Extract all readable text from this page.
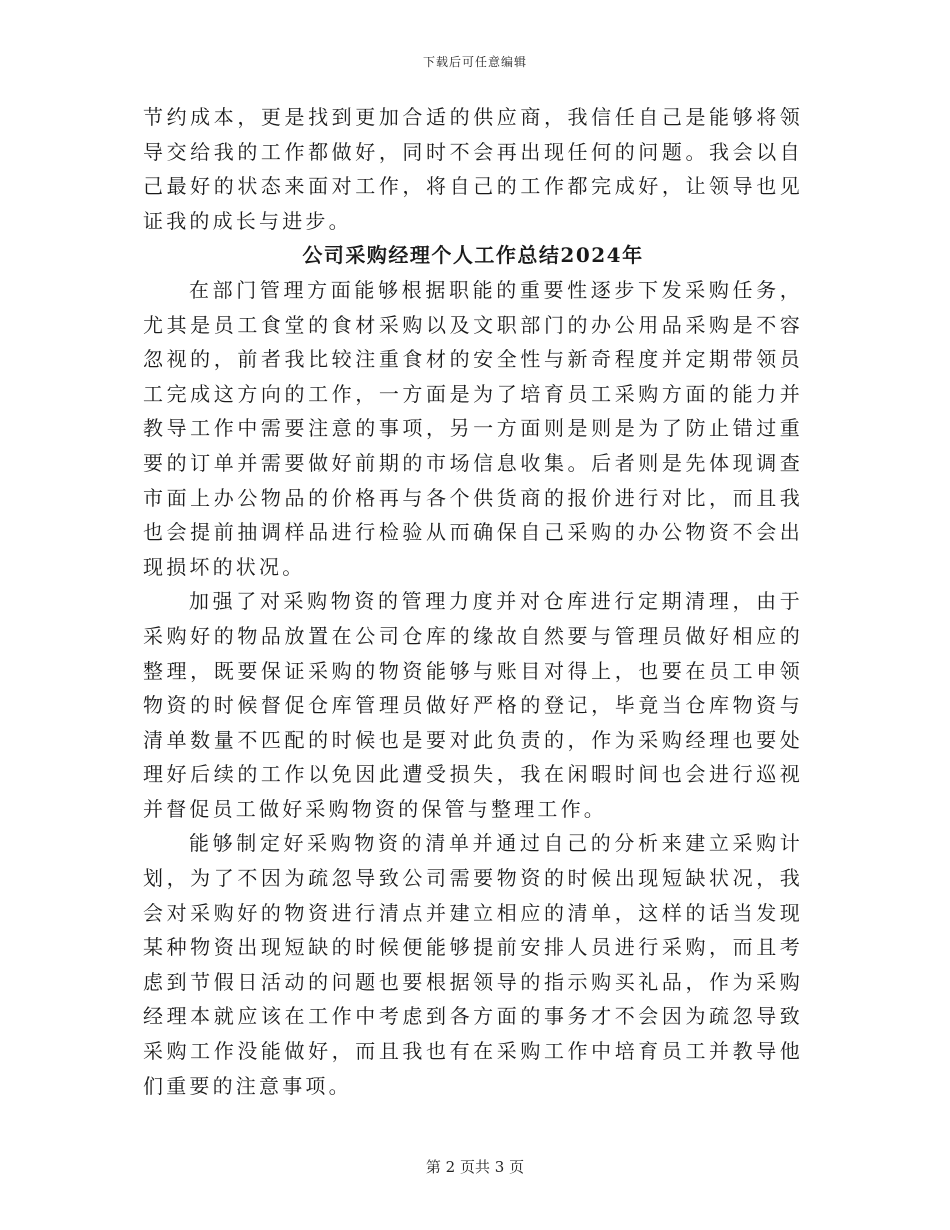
下载后可任意编辑

节约成本，更是找到更加合适的供应商，我信任自己是能够将领导交给我的工作都做好，同时不会再出现任何的问题。我会以自己最好的状态来面对工作，将自己的工作都完成好，让领导也见证我的成长与进步。

公司采购经理个人工作总结2024年

在部门管理方面能够根据职能的重要性逐步下发采购任务，尤其是员工食堂的食材采购以及文职部门的办公用品采购是不容忽视的，前者我比较注重食材的安全性与新奇程度并定期带领员工完成这方向的工作，一方面是为了培育员工采购方面的能力并教导工作中需要注意的事项，另一方面则是则是为了防止错过重要的订单并需要做好前期的市场信息收集。后者则是先体现调查市面上办公物品的价格再与各个供货商的报价进行对比，而且我也会提前抽调样品进行检验从而确保自己采购的办公物资不会出现损坏的状况。

加强了对采购物资的管理力度并对仓库进行定期清理，由于采购好的物品放置在公司仓库的缘故自然要与管理员做好相应的整理，既要保证采购的物资能够与账目对得上，也要在员工申领物资的时候督促仓库管理员做好严格的登记，毕竟当仓库物资与清单数量不匹配的时候也是要对此负责的，作为采购经理也要处理好后续的工作以免因此遭受损失，我在闲暇时间也会进行巡视并督促员工做好采购物资的保管与整理工作。

能够制定好采购物资的清单并通过自己的分析来建立采购计划，为了不因为疏忽导致公司需要物资的时候出现短缺状况，我会对采购好的物资进行清点并建立相应的清单，这样的话当发现某种物资出现短缺的时候便能够提前安排人员进行采购，而且考虑到节假日活动的问题也要根据领导的指示购买礼品，作为采购经理本就应该在工作中考虑到各方面的事务才不会因为疏忽导致采购工作没能做好，而且我也有在采购工作中培育员工并教导他们重要的注意事项。

第 2 页共 3 页
